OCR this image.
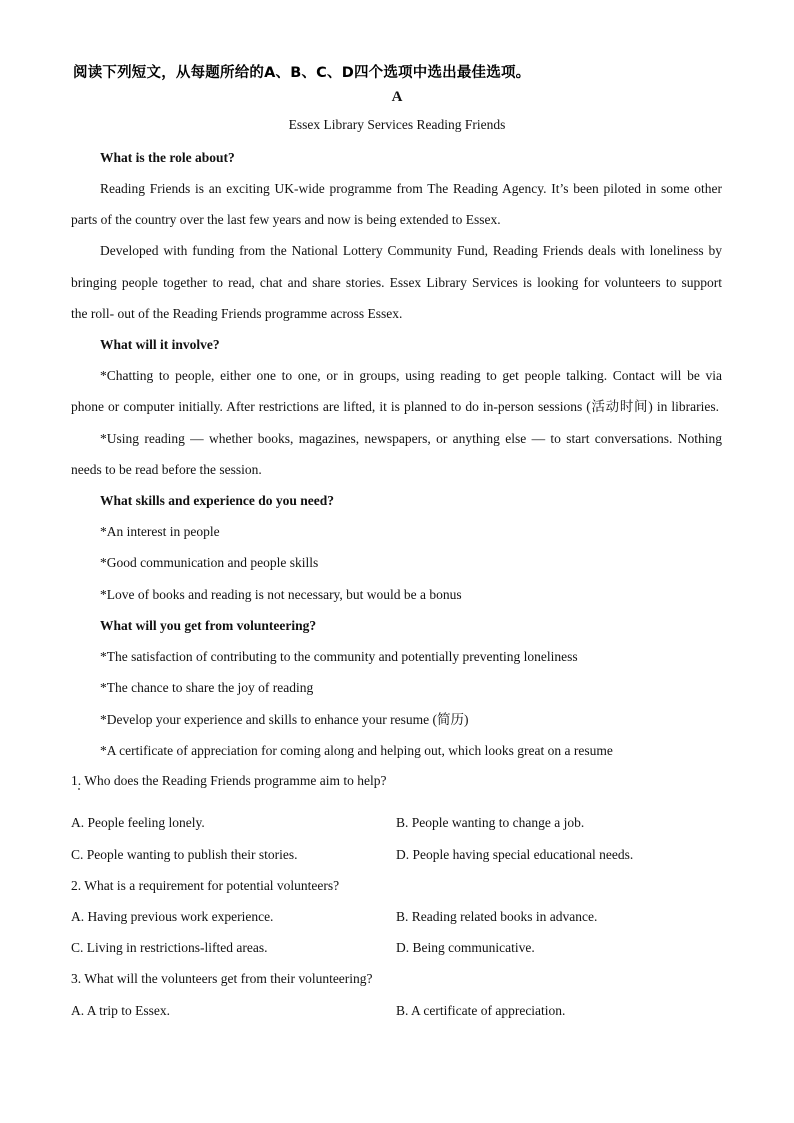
阅读下列短文，从每题所给的A、B、C、D四个选项中选出最佳选项。
A
Essex Library Services Reading Friends
What is the role about?
Reading Friends is an exciting UK-wide programme from The Reading Agency. It’s been piloted in some other
parts of the country over the last few years and now is being extended to Essex.
Developed with funding from the National Lottery Community Fund, Reading Friends deals with loneliness by
bringing people together to read, chat and share stories. Essex Library Services is looking for volunteers to support
the roll- out of the Reading Friends programme across Essex.
What will it involve?
*Chatting to people, either one to one, or in groups, using reading to get people talking. Contact will be via
phone or computer initially. After restrictions are lifted, it is planned to do in-person sessions (活动时间) in libraries.
*Using reading — whether books, magazines, newspapers, or anything else — to start conversations. Nothing
needs to be read before the session.
What skills and experience do you need?
*An interest in people
*Good communication and people skills
*Love of books and reading is not necessary, but would be a bonus
What will you get from volunteering?
*The satisfaction of contributing to the community and potentially preventing loneliness
*The chance to share the joy of reading
*Develop your experience and skills to enhance your resume (简历)
*A certificate of appreciation for coming along and helping out, which looks great on a resume
1. Who does the Reading Friends programme aim to help?
A. People feeling lonely.	B. People wanting to change a job.
C. People wanting to publish their stories.	D. People having special educational needs.
2. What is a requirement for potential volunteers?
A. Having previous work experience.	B. Reading related books in advance.
C. Living in restrictions-lifted areas.	D. Being communicative.
3. What will the volunteers get from their volunteering?
A. A trip to Essex.	B. A certificate of appreciation.
